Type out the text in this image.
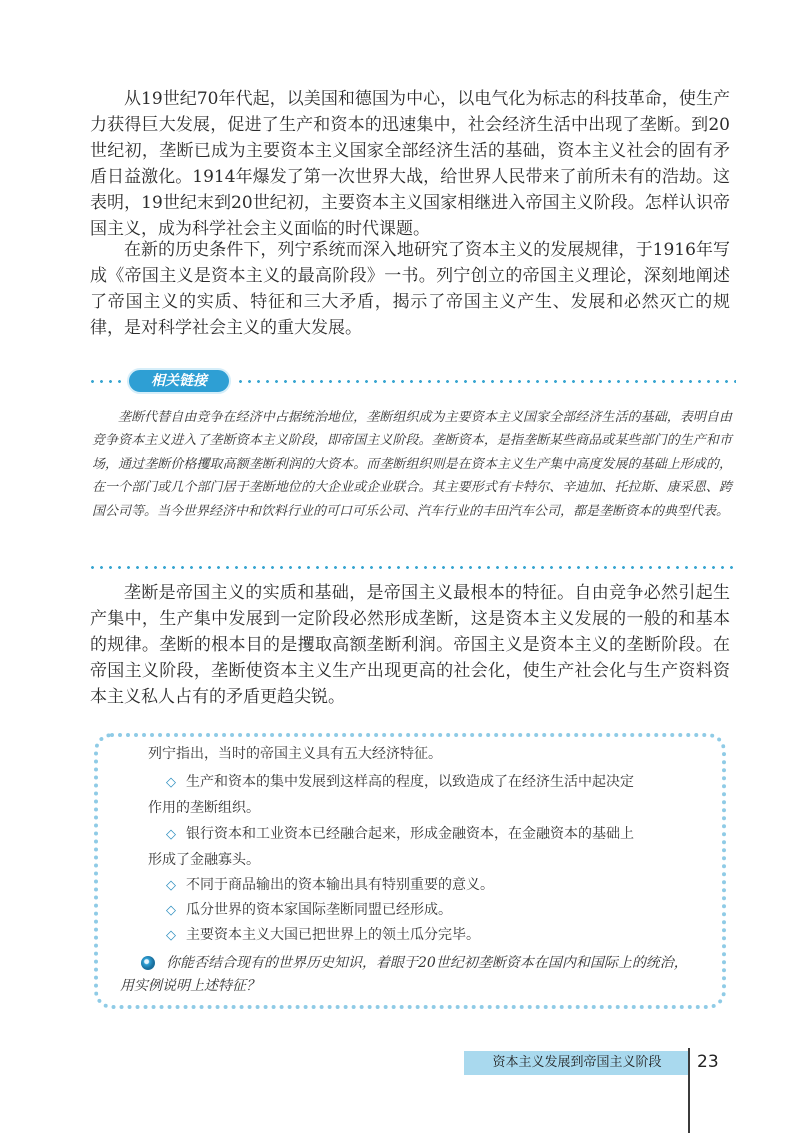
从19世纪70年代起，以美国和德国为中心，以电气化为标志的科技革命，使生产力获得巨大发展，促进了生产和资本的迅速集中，社会经济生活中出现了垄断。到20世纪初，垄断已成为主要资本主义国家全部经济生活的基础，资本主义社会的固有矛盾日益激化。1914年爆发了第一次世界大战，给世界人民带来了前所未有的浩劫。这表明，19世纪末到20世纪初，主要资本主义国家相继进入帝国主义阶段。怎样认识帝国主义，成为科学社会主义面临的时代课题。

在新的历史条件下，列宁系统而深入地研究了资本主义的发展规律，于1916年写成《帝国主义是资本主义的最高阶段》一书。列宁创立的帝国主义理论，深刻地阐述了帝国主义的实质、特征和三大矛盾，揭示了帝国主义产生、发展和必然灭亡的规律，是对科学社会主义的重大发展。

相关链接

垄断代替自由竞争在经济中占据统治地位，垄断组织成为主要资本主义国家全部经济生活的基础，表明自由竞争资本主义进入了垄断资本主义阶段，即帝国主义阶段。垄断资本，是指垄断某些商品或某些部门的生产和市场，通过垄断价格攫取高额垄断利润的大资本。而垄断组织则是在资本主义生产集中高度发展的基础上形成的，在一个部门或几个部门居于垄断地位的大企业或企业联合。其主要形式有卡特尔、辛迪加、托拉斯、康采恩、跨国公司等。当今世界经济中和饮料行业的可口可乐公司、汽车行业的丰田汽车公司，都是垄断资本的典型代表。

垄断是帝国主义的实质和基础，是帝国主义最根本的特征。自由竞争必然引起生产集中，生产集中发展到一定阶段必然形成垄断，这是资本主义发展的一般的和基本的规律。垄断的根本目的是攫取高额垄断利润。帝国主义是资本主义的垄断阶段。在帝国主义阶段，垄断使资本主义生产出现更高的社会化，使生产社会化与生产资料资本主义私人占有的矛盾更趋尖锐。

列宁指出，当时的帝国主义具有五大经济特征。

◇ 生产和资本的集中发展到这样高的程度，以致造成了在经济生活中起决定

作用的垄断组织。

◇ 银行资本和工业资本已经融合起来，形成金融资本，在金融资本的基础上

形成了金融寡头。

◇ 不同于商品输出的资本输出具有特别重要的意义。

◇ 瓜分世界的资本家国际垄断同盟已经形成。

◇ 主要资本主义大国已把世界上的领土瓜分完毕。

你能否结合现有的世界历史知识，着眼于20世纪初垄断资本在国内和国际上的统治，

用实例说明上述特征？

资本主义发展到帝国主义阶段	23
